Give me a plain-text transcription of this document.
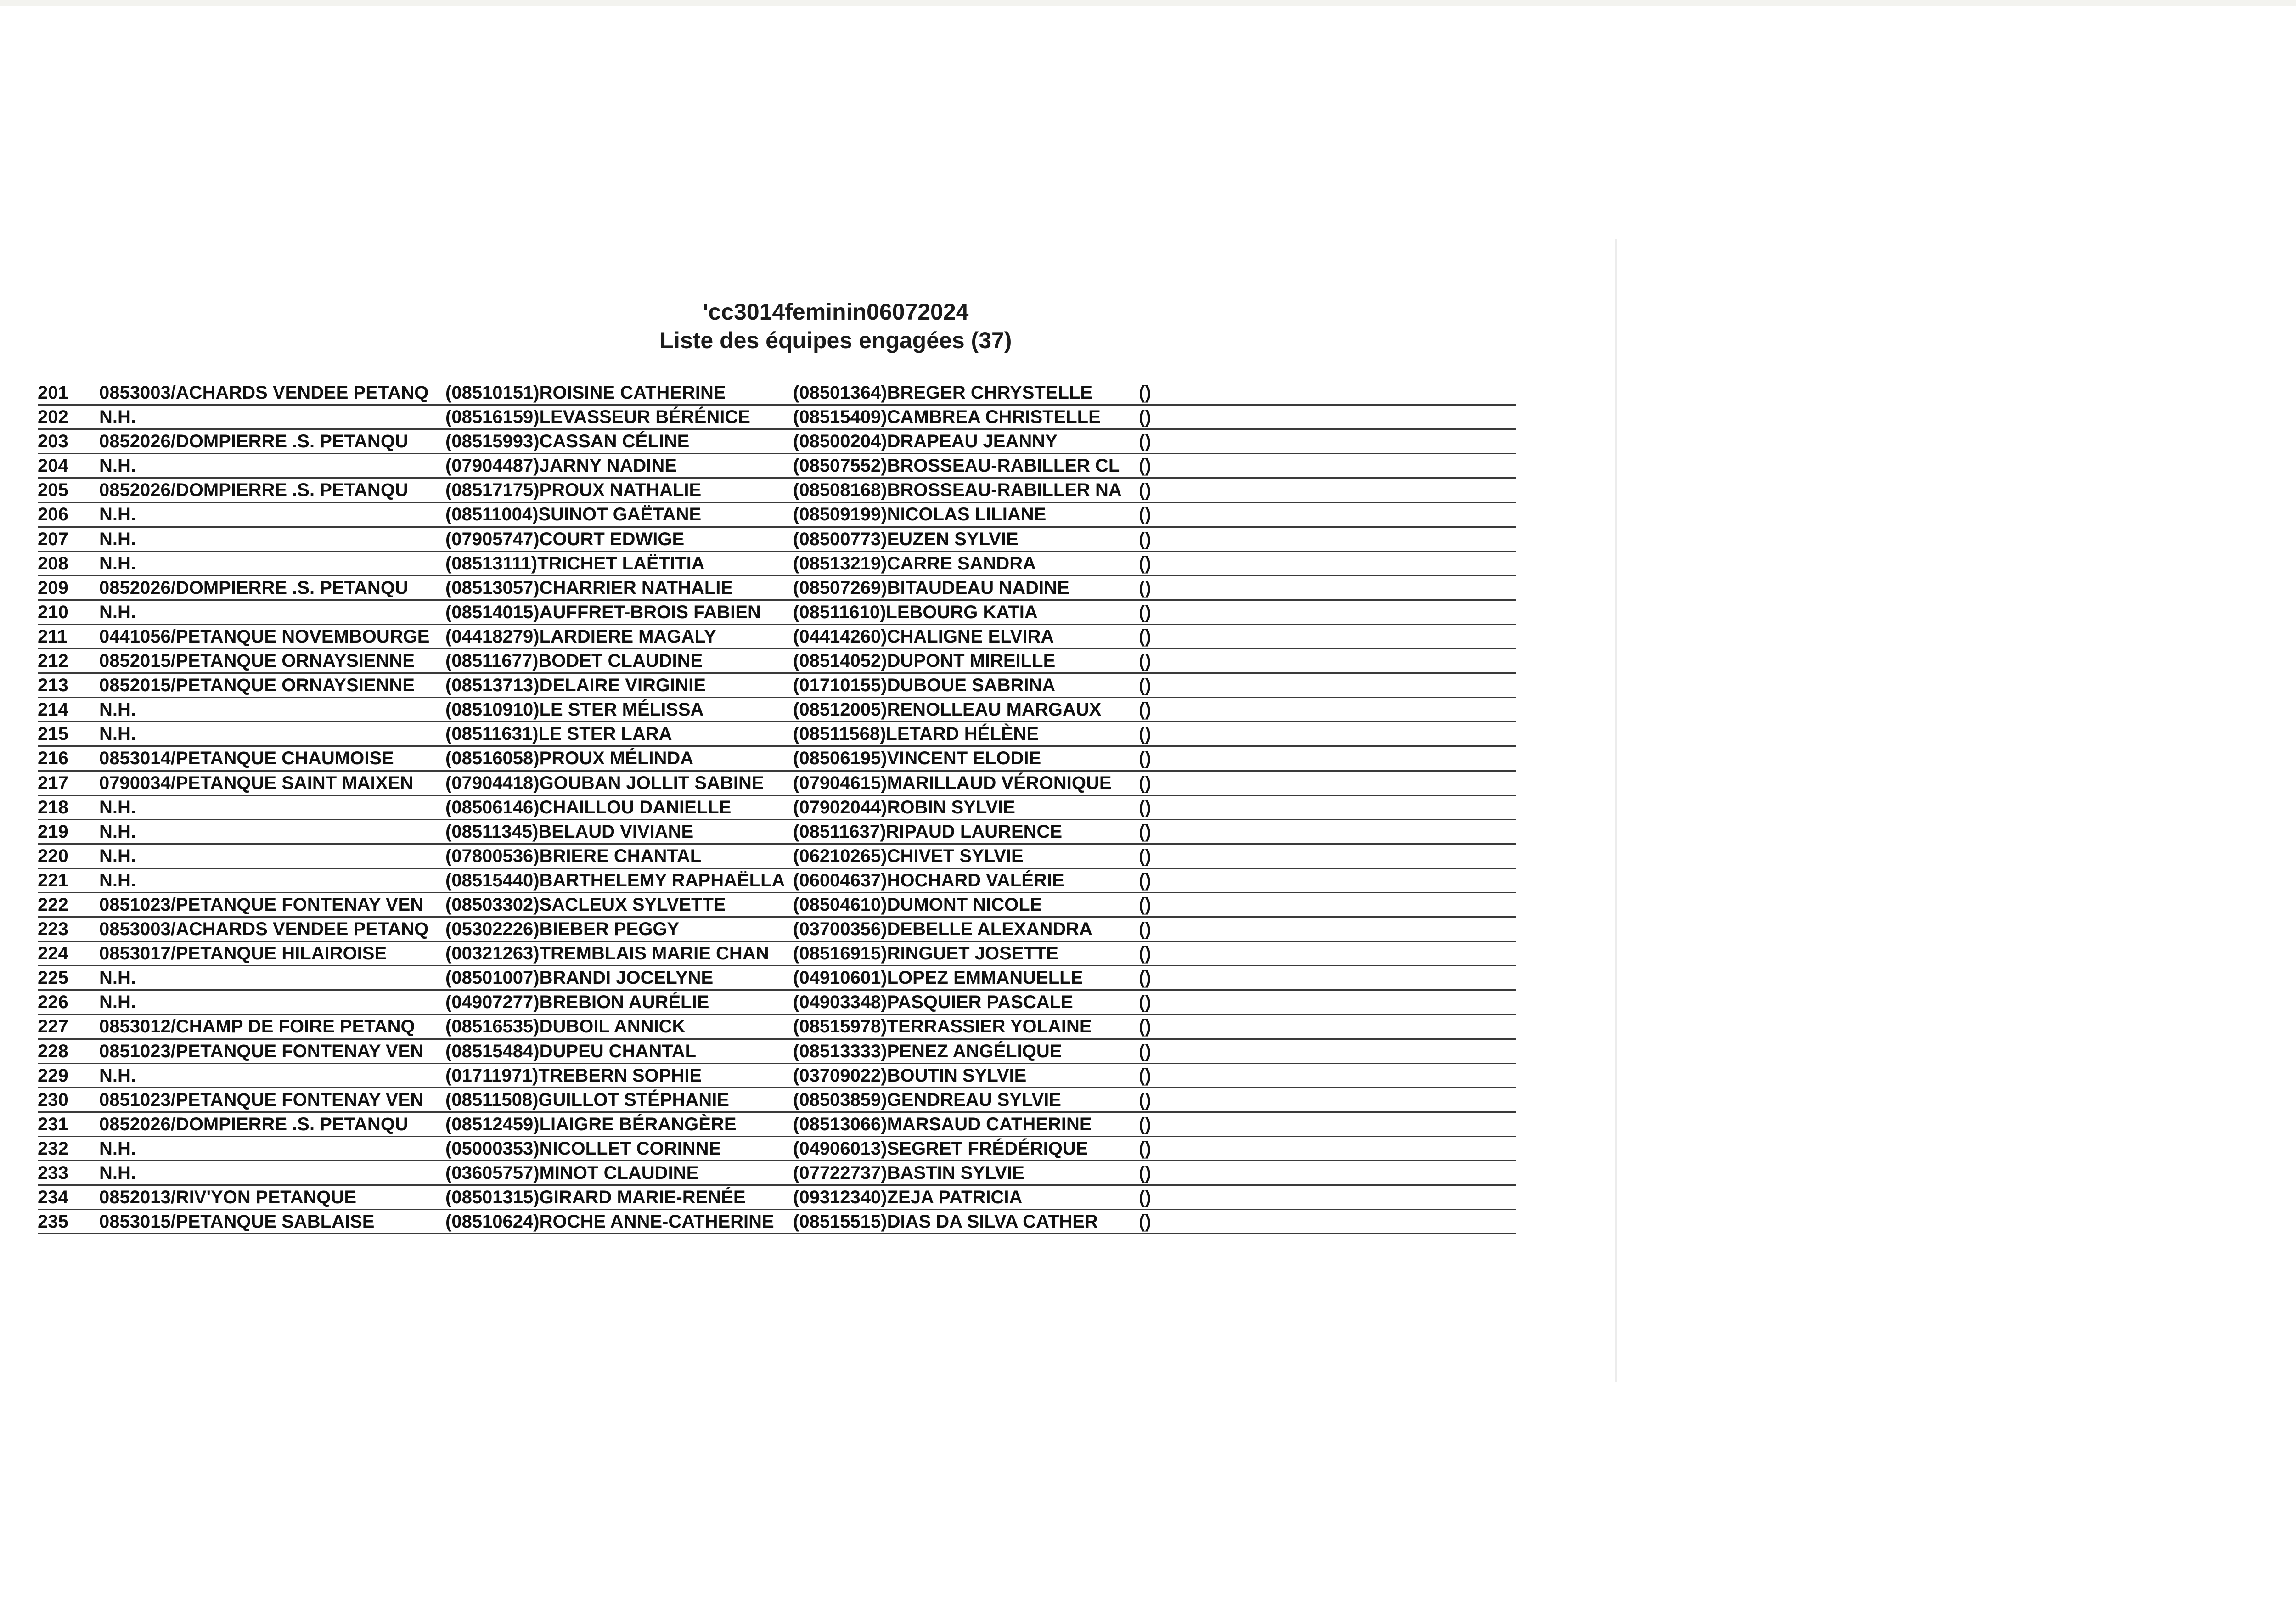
'cc3014feminin06072024
Liste des équipes engagées (37)
201 0853003/ACHARDS VENDEE PETANQ (08510151)ROISINE CATHERINE	(08501364)BREGER CHRYSTELLE	()
202 N.H.	(08516159)LEVASSEUR BÉRÉNICE (08515409)CAMBREA CHRISTELLE ()
203 0852026/DOMPIERRE .S. PETANQU (08515993)CASSAN CÉLINE	(08500204)DRAPEAU JEANNY	()
204 N.H.	(07904487)JARNY NADINE	(08507552)BROSSEAU-RABILLER CL ()
205 0852026/DOMPIERRE .S. PETANQU (08517175)PROUX NATHALIE	(08508168)BROSSEAU-RABILLER NA ()
206 N.H.	(08511004)SUINOT GAËTANE	(08509199)NICOLAS LILIANE	()
207 N.H.	(07905747)COURT EDWIGE	(08500773)EUZEN SYLVIE	()
208 N.H.	(08513111)TRICHET LAËTITIA	(08513219)CARRE SANDRA	()
209 0852026/DOMPIERRE .S. PETANQU (08513057)CHARRIER NATHALIE	(08507269)BITAUDEAU NADINE	()
210 N.H.	(08514015)AUFFRET-BROIS FABIEN (08511610)LEBOURG KATIA	()
211 0441056/PETANQUE NOVEMBOURGE (04418279)LARDIERE MAGALY	(04414260)CHALIGNE ELVIRA	()
212 0852015/PETANQUE ORNAYSIENNE (08511677)BODET CLAUDINE	(08514052)DUPONT MIREILLE	()
213 0852015/PETANQUE ORNAYSIENNE (08513713)DELAIRE VIRGINIE	(01710155)DUBOUE SABRINA	()
214 N.H.	(08510910)LE STER MÉLISSA	(08512005)RENOLLEAU MARGAUX ()
215 N.H.	(08511631)LE STER LARA	(08511568)LETARD HÉLÈNE	()
216 0853014/PETANQUE CHAUMOISE	(08516058)PROUX MÉLINDA	(08506195)VINCENT ELODIE	()
217 0790034/PETANQUE SAINT MAIXEN (07904418)GOUBAN JOLLIT SABINE (07904615)MARILLAUD VÉRONIQUE ()
218 N.H.	(08506146)CHAILLOU DANIELLE	(07902044)ROBIN SYLVIE	()
219 N.H.	(08511345)BELAUD VIVIANE	(08511637)RIPAUD LAURENCE	()
220 N.H.	(07800536)BRIERE CHANTAL	(06210265)CHIVET SYLVIE	()
221 N.H.	(08515440)BARTHELEMY RAPHAËLLA (06004637)HOCHARD VALÉRIE	()
222 0851023/PETANQUE FONTENAY VEN (08503302)SACLEUX SYLVETTE	(08504610)DUMONT NICOLE	()
223 0853003/ACHARDS VENDEE PETANQ (05302226)BIEBER PEGGY	(03700356)DEBELLE ALEXANDRA	()
224 0853017/PETANQUE HILAIROISE	(00321263)TREMBLAIS MARIE CHAN (08516915)RINGUET JOSETTE	()
225 N.H.	(08501007)BRANDI JOCELYNE	(04910601)LOPEZ EMMANUELLE	()
226 N.H.	(04907277)BREBION AURÉLIE	(04903348)PASQUIER PASCALE	()
227 0853012/CHAMP DE FOIRE PETANQ (08516535)DUBOIL ANNICK	(08515978)TERRASSIER YOLAINE	()
228 0851023/PETANQUE FONTENAY VEN (08515484)DUPEU CHANTAL	(08513333)PENEZ ANGÉLIQUE	()
229 N.H.	(01711971)TREBERN SOPHIE	(03709022)BOUTIN SYLVIE	()
230 0851023/PETANQUE FONTENAY VEN (08511508)GUILLOT STÉPHANIE	(08503859)GENDREAU SYLVIE	()
231 0852026/DOMPIERRE .S. PETANQU (08512459)LIAIGRE BÉRANGÈRE	(08513066)MARSAUD CATHERINE	()
232 N.H.	(05000353)NICOLLET CORINNE	(04906013)SEGRET FRÉDÉRIQUE	()
233 N.H.	(03605757)MINOT CLAUDINE	(07722737)BASTIN SYLVIE	()
234 0852013/RIV'YON PETANQUE	(08501315)GIRARD MARIE-RENÉE	(09312340)ZEJA PATRICIA	()
235 0853015/PETANQUE SABLAISE	(08510624)ROCHE ANNE-CATHERINE (08515515)DIAS DA SILVA CATHER ()
